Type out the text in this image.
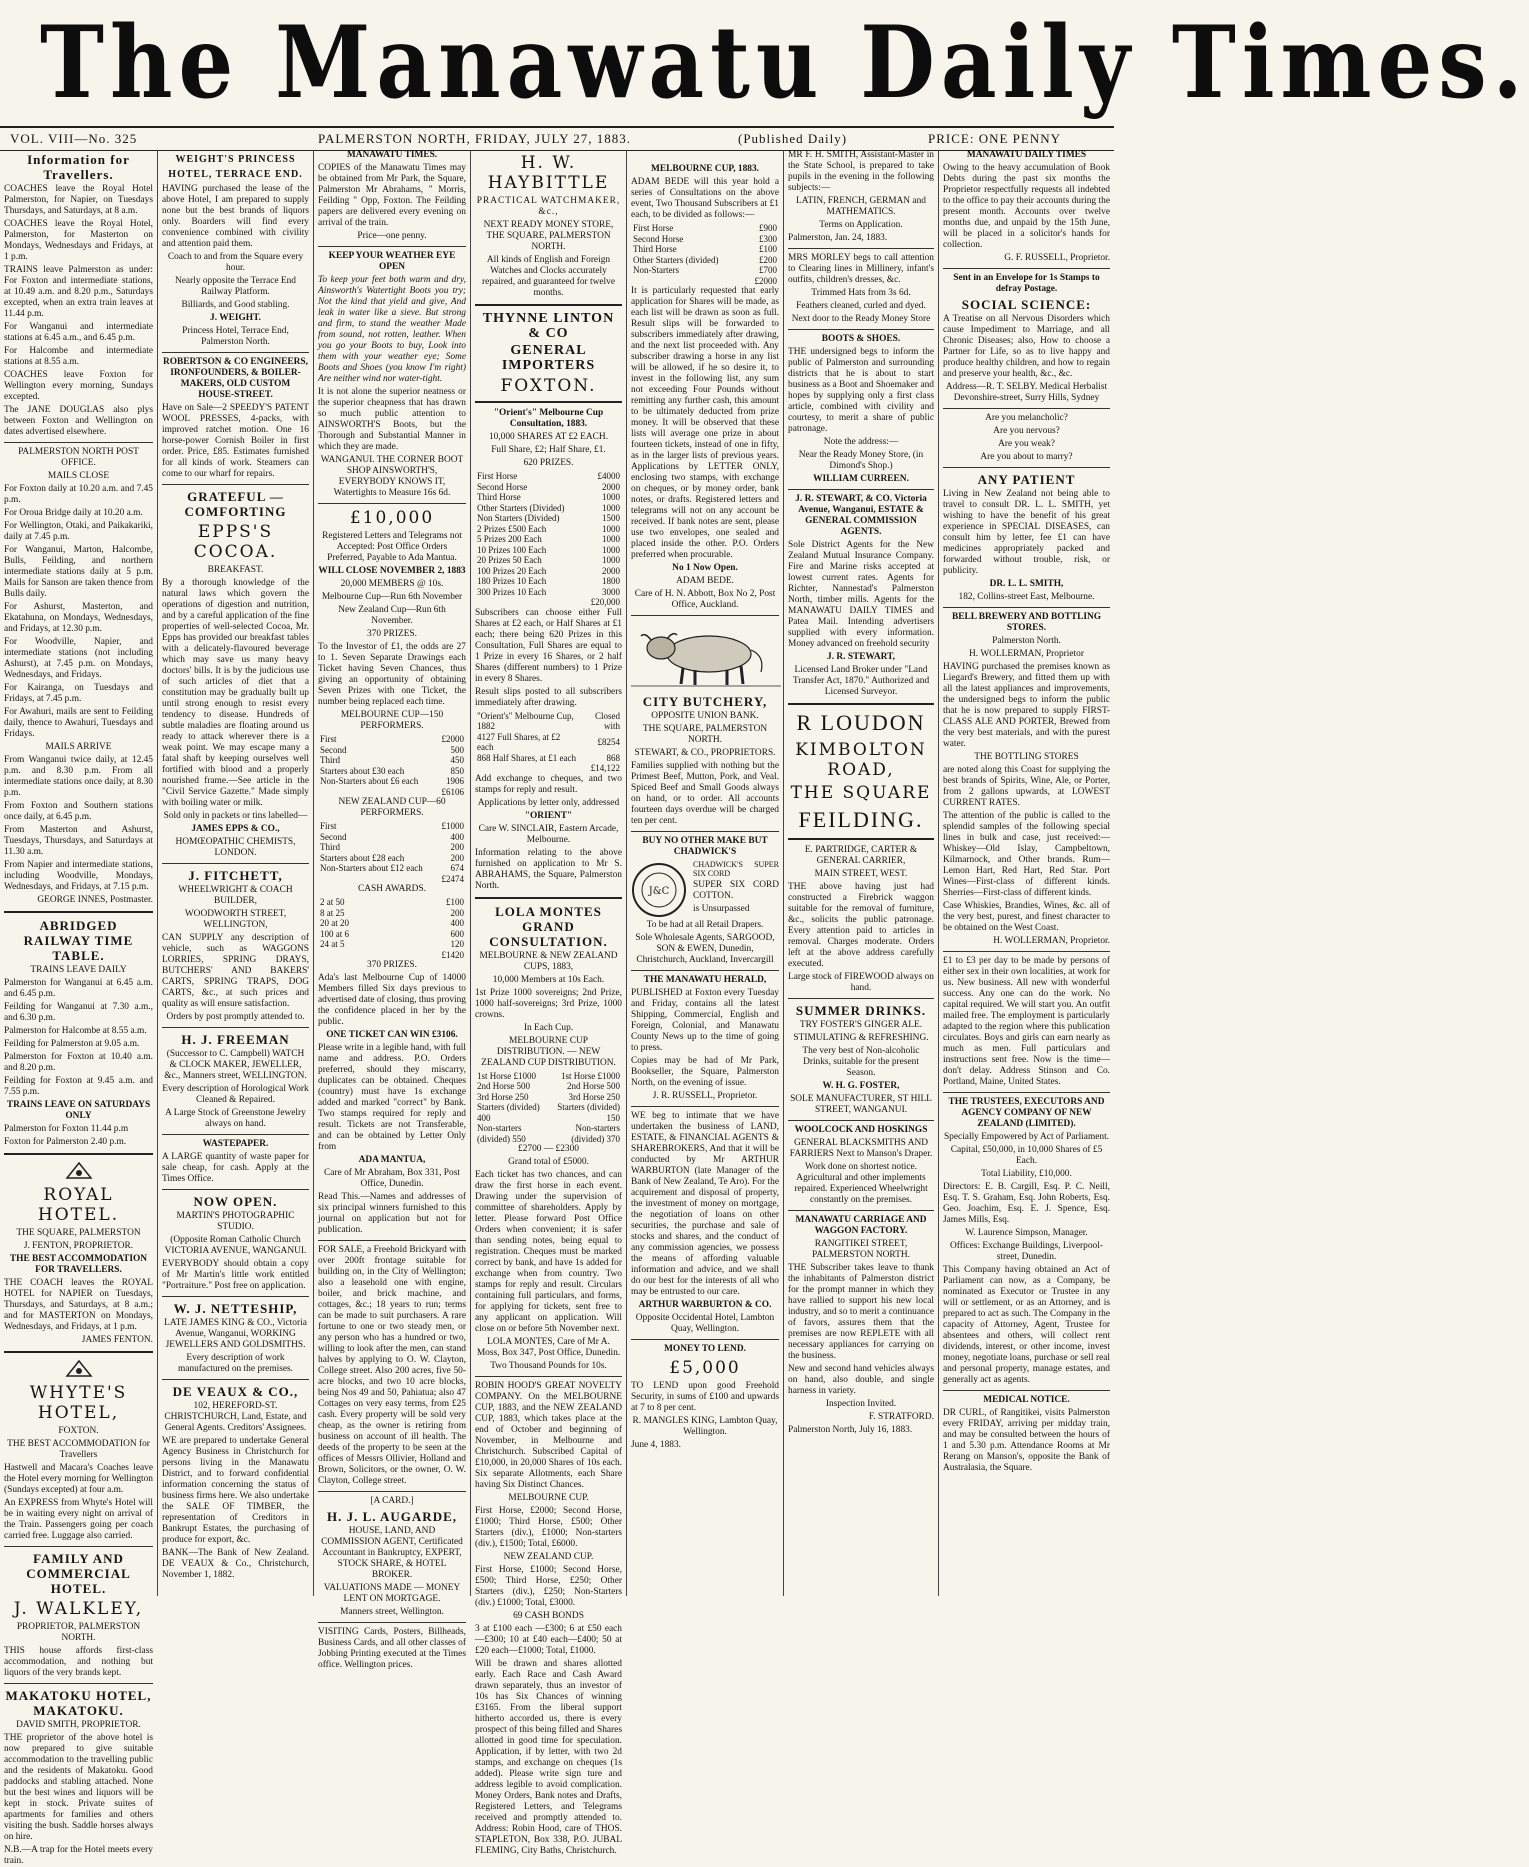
The Manawatu Daily Times.
VOL. VIII—No. 325	PALMERSTON NORTH, FRIDAY, JULY 27, 1883.	(Published Daily)	PRICE: ONE PENNY
Information for Travellers.

COACHES leave the Royal Hotel Palmerston, for Napier, on Tuesdays Thursdays, and Saturdays, at 8 a.m.

COACHES leave the Royal Hotel, Palmerston, for Masterton on Mondays, Wednesdays and Fridays, at 1 p.m.

TRAINS leave Palmerston as under: For Foxton and intermediate stations, at 10.49 a.m. and 8.20 p.m., Saturdays excepted, when an extra train leaves at 11.44 p.m.

For Wanganui and intermediate stations at 6.45 a.m., and 6.45 p.m.

For Halcombe and intermediate stations at 8.55 a.m.

COACHES leave Foxton for Wellington every morning, Sundays excepted.

The JANE DOUGLAS also plys between Foxton and Wellington on dates advertised elsewhere.

PALMERSTON NORTH POST OFFICE.

MAILS CLOSE

For Foxton daily at 10.20 a.m. and 7.45 p.m.

For Oroua Bridge daily at 10.20 a.m.

For Wellington, Otaki, and Paikakariki, daily at 7.45 p.m.

For Wanganui, Marton, Halcombe, Bulls, Feilding, and northern intermediate stations daily at 5 p.m. Mails for Sanson are taken thence from Bulls daily.

For Ashurst, Masterton, and Ekatahuna, on Mondays, Wednesdays, and Fridays, at 12.30 p.m.

For Woodville, Napier, and intermediate stations (not including Ashurst), at 7.45 p.m. on Mondays, Wednesdays, and Fridays.

For Kairanga, on Tuesdays and Fridays, at 7.45 p.m.

For Awahuri, mails are sent to Feilding daily, thence to Awahuri, Tuesdays and Fridays.

MAILS ARRIVE

From Wanganui twice daily, at 12.45 p.m. and 8.30 p.m. From all intermediate stations once daily, at 8.30 p.m.

From Foxton and Southern stations once daily, at 6.45 p.m.

From Masterton and Ashurst, Tuesdays, Thursdays, and Saturdays at 11.30 a.m.

From Napier and intermediate stations, including Woodville, Mondays, Wednesdays, and Fridays, at 7.15 p.m.

GEORGE INNES, Postmaster.

ABRIDGED RAILWAY TIME TABLE.

TRAINS LEAVE DAILY

Palmerston for Wanganui at 6.45 a.m. and 6.45 p.m.

Feilding for Wanganui at 7.30 a.m., and 6.30 p.m.

Palmerston for Halcombe at 8.55 a.m.

Feilding for Palmerston at 9.05 a.m.

Palmerston for Foxton at 10.40 a.m. and 8.20 p.m.

Feilding for Foxton at 9.45 a.m. and 7.55 p.m.

TRAINS LEAVE ON SATURDAYS ONLY

Palmerston for Foxton 11.44 p.m

Foxton for Palmerston 2.40 p.m.

ROYAL HOTEL.

THE SQUARE, PALMERSTON

J. FENTON, PROPRIETOR.

THE BEST ACCOMMODATION FOR TRAVELLERS.

THE COACH leaves the ROYAL HOTEL for NAPIER on Tuesdays, Thursdays, and Saturdays, at 8 a.m.; and for MASTERTON on Mondays, Wednesdays, and Fridays, at 1 p.m.

JAMES FENTON.

WHYTE'S HOTEL,

FOXTON.

THE BEST ACCOMMODATION for Travellers

Hastwell and Macara's Coaches leave the Hotel every morning for Wellington (Sundays excepted) at four a.m.

An EXPRESS from Whyte's Hotel will be in waiting every night on arrival of the Train. Passengers going per coach carried free. Luggage also carried.

FAMILY AND COMMERCIAL HOTEL.
J. WALKLEY,

PROPRIETOR, PALMERSTON NORTH.

THIS house affords first-class accommodation, and nothing but liquors of the very brands kept.

MAKATOKU HOTEL, MAKATOKU.

DAVID SMITH, PROPRIETOR.

THE proprietor of the above hotel is now prepared to give suitable accommodation to the travelling public and the residents of Makatoku. Good paddocks and stabling attached. None but the best wines and liquors will be kept in stock. Private suites of apartments for families and others visiting the bush. Saddle horses always on hire.

N.B.—A trap for the Hotel meets every train.

WEIGHT'S PRINCESS HOTEL, TERRACE END.

HAVING purchased the lease of the above Hotel, I am prepared to supply none but the best brands of liquors only. Boarders will find every convenience combined with civility and attention paid them.

Coach to and from the Square every hour.

Nearly opposite the Terrace End Railway Platform.

Billiards, and Good stabling.

J. WEIGHT.

Princess Hotel, Terrace End, Palmerston North.

ROBERTSON & CO ENGINEERS, IRONFOUNDERS, & BOILER-MAKERS, OLD CUSTOM HOUSE-STREET.

Have on Sale—2 SPEEDY'S PATENT WOOL PRESSES, 4-packs, with improved ratchet motion. One 16 horse-power Cornish Boiler in first order. Price, £85. Estimates furnished for all kinds of work. Steamers can come to our wharf for repairs.

GRATEFUL — COMFORTING
EPPS'S COCOA.

BREAKFAST.

By a thorough knowledge of the natural laws which govern the operations of digestion and nutrition, and by a careful application of the fine properties of well-selected Cocoa, Mr. Epps has provided our breakfast tables with a delicately-flavoured beverage which may save us many heavy doctors' bills. It is by the judicious use of such articles of diet that a constitution may be gradually built up until strong enough to resist every tendency to disease. Hundreds of subtle maladies are floating around us ready to attack wherever there is a weak point. We may escape many a fatal shaft by keeping ourselves well fortified with blood and a properly nourished frame.—See article in the "Civil Service Gazette." Made simply with boiling water or milk.

Sold only in packets or tins labelled—

JAMES EPPS & CO.,

HOMŒOPATHIC CHEMISTS, LONDON.

J. FITCHETT,

WHEELWRIGHT & COACH BUILDER,

WOODWORTH STREET, WELLINGTON,

CAN SUPPLY any description of vehicle, such as WAGGONS LORRIES, SPRING DRAYS, BUTCHERS' AND BAKERS' CARTS, SPRING TRAPS, DOG CARTS, &c., at such prices and quality as will ensure satisfaction.

Orders by post promptly attended to.

H. J. FREEMAN

(Successor to C. Campbell) WATCH & CLOCK MAKER, JEWELLER, &c., Manners street, WELLINGTON.

Every description of Horological Work Cleaned & Repaired.

A Large Stock of Greenstone Jewelry always on hand.

WASTEPAPER.

A LARGE quantity of waste paper for sale cheap, for cash. Apply at the Times Office.

NOW OPEN.

MARTIN'S PHOTOGRAPHIC STUDIO.

(Opposite Roman Catholic Church VICTORIA AVENUE, WANGANUI.

EVERYBODY should obtain a copy of Mr Martin's little work entitled "Portraiture." Post free on application.

W. J. NETTESHIP,

LATE JAMES KING & CO., Victoria Avenue, Wanganui, WORKING JEWELLERS AND GOLDSMITHS.

Every description of work manufactured on the premises.

DE VEAUX & CO.,

102, HEREFORD-ST. CHRISTCHURCH, Land, Estate, and General Agents. Creditors' Assignees.

WE are prepared to undertake General Agency Business in Christchurch for persons living in the Manawatu District, and to forward confidential information concerning the status of business firms here. We also undertake the SALE OF TIMBER, the representation of Creditors in Bankrupt Estates, the purchasing of produce for export, &c.

BANK—The Bank of New Zealand. DE VEAUX & Co., Christchurch, November 1, 1882.

MANAWATU TIMES.

COPIES of the Manawatu Times may be obtained from Mr Park, the Square, Palmerston Mr Abrahams, " Morris, Feilding " Opp, Foxton. The Feilding papers are delivered every evening on arrival of the train.

Price—one penny.

KEEP YOUR WEATHER EYE OPEN

To keep your feet both warm and dry, Ainsworth's Watertight Boots you try; Not the kind that yield and give, And leak in water like a sieve. But strong and firm, to stand the weather Made from sound, not rotten, leather. When you go your Boots to buy, Look into them with your weather eye; Some Boots and Shoes (you know I'm right) Are neither wind nor water-tight.

It is not alone the superior neatness or the superior cheapness that has drawn so much public attention to AINSWORTH'S Boots, but the Thorough and Substantial Manner in which they are made.

WANGANUI. THE CORNER BOOT SHOP AINSWORTH'S, EVERYBODY KNOWS IT, Watertights to Measure 16s 6d.

£10,000

Registered Letters and Telegrams not Accepted: Post Office Orders Preferred, Payable to Ada Mantua.

WILL CLOSE NOVEMBER 2, 1883

20,000 MEMBERS @ 10s.

Melbourne Cup—Run 6th November

New Zealand Cup—Run 6th November.

370 PRIZES.

To the Investor of £1, the odds are 27 to 1. Seven Separate Drawings each Ticket having Seven Chances, thus giving an opportunity of obtaining Seven Prizes with one Ticket, the number being replaced each time.

MELBOURNE CUP—150 PERFORMERS.

First	£2000
Second	500
Third	450
Starters about £30 each	850
Non-Starters about £6 each	1906
	£6106

NEW ZEALAND CUP—60 PERFORMERS.

First	£1000
Second	400
Third	200
Starters about £28 each	200
Non-Starters about £12 each	674
	£2474

CASH AWARDS.

2 at 50	£100
8 at 25	200
20 at 20	400
100 at 6	600
24 at 5	120
	£1420

370 PRIZES.

Ada's last Melbourne Cup of 14000 Members filled Six days previous to advertised date of closing, thus proving the confidence placed in her by the public.

ONE TICKET CAN WIN £3106.

Please write in a legible hand, with full name and address. P.O. Orders preferred, should they miscarry, duplicates can be obtained. Cheques (country) must have 1s exchange added and marked "correct" by Bank. Two stamps required for reply and result. Tickets are not Transferable, and can be obtained by Letter Only from

ADA MANTUA,

Care of Mr Abraham, Box 331, Post Office, Dunedin.

Read This.—Names and addresses of six principal winners furnished to this journal on application but not for publication.

FOR SALE, a Freehold Brickyard with over 200ft frontage suitable for building on, in the City of Wellington; also a leasehold one with engine, boiler, and brick machine, and cottages, &c.; 18 years to run; terms can be made to suit purchasers. A rare fortune to one or two steady men, or any person who has a hundred or two, willing to look after the men, can stand halves by applying to O. W. Clayton, College street. Also 200 acres, five 50-acre blocks, and two 10 acre blocks, being Nos 49 and 50, Pahiatua; also 47 Cottages on very easy terms, from £25 cash. Every property will be sold very cheap, as the owner is retiring from business on account of ill health. The deeds of the property to be seen at the offices of Messrs Ollivier, Holland and Brown, Solicitors, or the owner, O. W. Clayton, College street.

[A CARD.]

H. J. L. AUGARDE,

HOUSE, LAND, AND COMMISSION AGENT, Certificated Accountant in Bankruptcy, EXPERT, STOCK SHARE, & HOTEL BROKER.

VALUATIONS MADE — MONEY LENT ON MORTGAGE.

Manners street, Wellington.

VISITING Cards, Posters, Billheads, Business Cards, and all other classes of Jobbing Printing executed at the Times office. Wellington prices.

H. W. HAYBITTLE

PRACTICAL WATCHMAKER, &c.,

NEXT READY MONEY STORE, THE SQUARE, PALMERSTON NORTH.

All kinds of English and Foreign Watches and Clocks accurately repaired, and guaranteed for twelve months.

THYNNE LINTON & CO
GENERAL IMPORTERS
FOXTON.

"Orient's" Melbourne Cup Consultation, 1883.

10,000 SHARES AT £2 EACH.

Full Share, £2; Half Share, £1.

620 PRIZES.

First Horse	£4000
Second Horse	2000
Third Horse	1000
Other Starters (Divided)	1000
Non Starters (Divided)	1500
2 Prizes £500 Each	1000
5 Prizes 200 Each	1000
10 Prizes 100 Each	1000
20 Prizes 50 Each	1000
100 Prizes 20 Each	2000
180 Prizes 10 Each	1800
300 Prizes 10 Each	3000
	£20,000

Subscribers can choose either Full Shares at £2 each, or Half Shares at £1 each; there being 620 Prizes in this Consultation, Full Shares are equal to 1 Prize in every 16 Shares, or 2 half Shares (different numbers) to 1 Prize in every 8 Shares.

Result slips posted to all subscribers immediately after drawing.

"Orient's" Melbourne Cup, 1882	Closed with
4127 Full Shares, at £2 each	£8254
868 Half Shares, at £1 each	868
	£14,122

Add exchange to cheques, and two stamps for reply and result.

Applications by letter only, addressed

"ORIENT"

Care W. SINCLAIR, Eastern Arcade, Melbourne.

Information relating to the above furnished on application to Mr S. ABRAHAMS, the Square, Palmerston North.

LOLA MONTES GRAND CONSULTATION.

MELBOURNE & NEW ZEALAND CUPS, 1883,

10,000 Members at 10s Each.

1st Prize 1000 sovereigns; 2nd Prize, 1000 half-sovereigns; 3rd Prize, 1000 crowns.

In Each Cup.

MELBOURNE CUP DISTRIBUTION. — NEW ZEALAND CUP DISTRIBUTION.

1st Horse £1000	1st Horse £1000
2nd Horse 500	2nd Horse 500
3rd Horse 250	3rd Horse 250
Starters (divided) 400	Starters (divided) 150
Non-starters (divided) 550	Non-starters (divided) 370

£2700 — £2300

Grand total of £5000.

Each ticket has two chances, and can draw the first horse in each event. Drawing under the supervision of committee of shareholders. Apply by letter. Please forward Post Office Orders when convenient; it is safer than sending notes, being equal to registration. Cheques must be marked correct by bank, and have 1s added for exchange when from country. Two stamps for reply and result. Circulars containing full particulars, and forms, for applying for tickets, sent free to any applicant on application. Will close on or before 5th November next.

LOLA MONTES, Care of Mr A. Moss, Box 347, Post Office, Dunedin.

Two Thousand Pounds for 10s.

ROBIN HOOD'S GREAT NOVELTY COMPANY. On the MELBOURNE CUP, 1883, and the NEW ZEALAND CUP, 1883, which takes place at the end of October and beginning of November, in Melbourne and Christchurch. Subscribed Capital of £10,000, in 20,000 Shares of 10s each. Six separate Allotments, each Share having Six Distinct Chances.

MELBOURNE CUP.

First Horse, £2000; Second Horse, £1000; Third Horse, £500; Other Starters (div.), £1000; Non-starters (div.), £1500; Total, £6000.

NEW ZEALAND CUP.

First Horse, £1000; Second Horse, £500; Third Horse, £250; Other Starters (div.), £250; Non-Starters (div.) £1000; Total, £3000.

69 CASH BONDS

3 at £100 each —£300; 6 at £50 each —£300; 10 at £40 each—£400; 50 at £20 each—£1000; Total, £1000.

Will be drawn and shares allotted early. Each Race and Cash Award drawn separately, thus an investor of 10s has Six Chances of winning £3165. From the liberal support hitherto accorded us, there is every prospect of this being filled and Shares allotted in good time for speculation. Application, if by letter, with two 2d stamps, and exchange on cheques (1s added). Please write sign ture and address legible to avoid complication. Money Orders, Bank notes and Drafts, Registered Letters, and Telegrams received and promptly attended to. Address: Robin Hood, care of THOS. STAPLETON, Box 338, P.O. JUBAL FLEMING, City Baths, Christchurch.

MELBOURNE CUP, 1883.

ADAM BEDE will this year hold a series of Consultations on the above event, Two Thousand Subscribers at £1 each, to be divided as follows:—

First Horse	£900
Second Horse	£300
Third Horse	£100
Other Starters (divided)	£200
Non-Starters	£700
	£2000

It is particularly requested that early application for Shares will be made, as each list will be drawn as soon as full. Result slips will be forwarded to subscribers immediately after drawing, and the next list proceeded with. Any subscriber drawing a horse in any list will be allowed, if he so desire it, to invest in the following list, any sum not exceeding Four Pounds without remitting any further cash, this amount to be ultimately deducted from prize money. It will be observed that these lists will average one prize in about fourteen tickets, instead of one in fifty, as in the larger lists of previous years. Applications by LETTER ONLY, enclosing two stamps, with exchange on cheques, or by money order, bank notes, or drafts. Registered letters and telegrams will not on any account be received. If bank notes are sent, please use two envelopes, one sealed and placed inside the other. P.O. Orders preferred when procurable.

No 1 Now Open.

ADAM BEDE.

Care of H. N. Abbott, Box No 2, Post Office, Auckland.

CITY BUTCHERY,

OPPOSITE UNION BANK.

THE SQUARE, PALMERSTON NORTH.

STEWART, & CO., PROPRIETORS.

Families supplied with nothing but the Primest Beef, Mutton, Pork, and Veal. Spiced Beef and Small Goods always on hand, or to order. All accounts fourteen days overdue will be charged ten per cent.

BUY NO OTHER MAKE BUT CHADWICK'S

J&C

CHADWICK'S SUPER SIX CORD

SUPER SIX CORD COTTON.

is Unsurpassed

To be had at all Retail Drapers.

Sole Wholesale Agents, SARGOOD, SON & EWEN, Dunedin, Christchurch, Auckland, Invercargill

THE MANAWATU HERALD,

PUBLISHED at Foxton every Tuesday and Friday, contains all the latest Shipping, Commercial, English and Foreign, Colonial, and Manawatu County News up to the time of going to press.

Copies may be had of Mr Park, Bookseller, the Square, Palmerston North, on the evening of issue.

J. R. RUSSELL, Proprietor.

WE beg to intimate that we have undertaken the business of LAND, ESTATE, & FINANCIAL AGENTS & SHAREBROKERS, And that it will be conducted by Mr ARTHUR WARBURTON (late Manager of the Bank of New Zealand, Te Aro). For the acquirement and disposal of property, the investment of money on mortgage, the negotiation of loans on other securities, the purchase and sale of stocks and shares, and the conduct of any commission agencies, we possess the means of affording valuable information and advice, and we shall do our best for the interests of all who may be entrusted to our care.

ARTHUR WARBURTON & CO.

Opposite Occidental Hotel, Lambton Quay, Wellington.

MONEY TO LEND.

£5,000

TO LEND upon good Freehold Security, in sums of £100 and upwards at 7 to 8 per cent.

R. MANGLES KING, Lambton Quay, Wellington.

June 4, 1883.

MR F. H. SMITH, Assistant-Master in the State School, is prepared to take pupils in the evening in the following subjects:—

LATIN, FRENCH, GERMAN and MATHEMATICS.

Terms on Application.

Palmerston, Jan. 24, 1883.

MRS MORLEY begs to call attention to Clearing lines in Millinery, infant's outfits, children's dresses, &c.

Trimmed Hats from 3s 6d.

Feathers cleaned, curled and dyed.

Next door to the Ready Money Store

BOOTS & SHOES.

THE undersigned begs to inform the public of Palmerston and surrounding districts that he is about to start business as a Boot and Shoemaker and hopes by supplying only a first class article, combined with civility and courtesy, to merit a share of public patronage.

Note the address:—

Near the Ready Money Store, (in Dimond's Shop.)

WILLIAM CURREEN.

J. R. STEWART, & CO. Victoria Avenue, Wanganui, ESTATE & GENERAL COMMISSION AGENTS.

Sole District Agents for the New Zealand Mutual Insurance Company. Fire and Marine risks accepted at lowest current rates. Agents for Richter, Nannestad's Palmerston North, timber mills. Agents for the MANAWATU DAILY TIMES and Patea Mail. Intending advertisers supplied with every information. Money advanced on freehold security

J. R. STEWART,

Licensed Land Broker under "Land Transfer Act, 1870." Authorized and Licensed Surveyor.

R LOUDON
KIMBOLTON ROAD,
THE SQUARE
FEILDING.

E. PARTRIDGE, CARTER & GENERAL CARRIER,

MAIN STREET, WEST.

THE above having just had constructed a Firebrick waggon suitable for the removal of furniture, &c., solicits the public patronage. Every attention paid to articles in removal. Charges moderate. Orders left at the above address carefully executed.

Large stock of FIREWOOD always on hand.

SUMMER DRINKS.

TRY FOSTER'S GINGER ALE.

STIMULATING & REFRESHING.

The very best of Non-alcoholic Drinks, suitable for the present Season.

W. H. G. FOSTER,

SOLE MANUFACTURER, ST HILL STREET, WANGANUI.

WOOLCOCK AND HOSKINGS

GENERAL BLACKSMITHS AND FARRIERS Next to Manson's Draper.

Work done on shortest notice. Agricultural and other implements repaired. Experienced Wheelwright constantly on the premises.

MANAWATU CARRIAGE AND WAGGON FACTORY.

RANGITIKEI STREET, PALMERSTON NORTH.

THE Subscriber takes leave to thank the inhabitants of Palmerston district for the prompt manner in which they have rallied to support his new local industry, and so to merit a continuance of favors, assures them that the premises are now REPLETE with all necessary appliances for carrying on the business.

New and second hand vehicles always on hand, also double, and single harness in variety.

Inspection Invited.

F. STRATFORD.

Palmerston North, July 16, 1883.

MANAWATU DAILY TIMES

Owing to the heavy accumulation of Book Debts during the past six months the Proprietor respectfully requests all indebted to the office to pay their accounts during the present month. Accounts over twelve months due, and unpaid by the 15th June, will be placed in a solicitor's hands for collection.

G. F. RUSSELL, Proprietor.

Sent in an Envelope for 1s Stamps to defray Postage.

SOCIAL SCIENCE:

A Treatise on all Nervous Disorders which cause Impediment to Marriage, and all Chronic Diseases; also, How to choose a Partner for Life, so as to live happy and produce healthy children, and how to regain and preserve your health, &c., &c.

Address—R. T. SELBY. Medical Herbalist Devonshire-street, Surry Hills, Sydney

Are you melancholic?

Are you nervous?

Are you weak?

Are you about to marry?

ANY PATIENT

Living in New Zealand not being able to travel to consult DR. L. L. SMITH, yet wishing to have the benefit of his great experience in SPECIAL DISEASES, can consult him by letter, fee £1 can have medicines appropriately packed and forwarded without trouble, risk, or publicity.

DR. L. L. SMITH,

182, Collins-street East, Melbourne.

BELL BREWERY AND BOTTLING STORES.

Palmerston North.

H. WOLLERMAN, Proprietor

HAVING purchased the premises known as Liegard's Brewery, and fitted them up with all the latest appliances and improvements, the undersigned begs to inform the public that he is now prepared to supply FIRST-CLASS ALE AND PORTER, Brewed from the very best materials, and with the purest water.

THE BOTTLING STORES

are noted along this Coast for supplying the best brands of Spirits, Wine, Ale, or Porter, from 2 gallons upwards, at LOWEST CURRENT RATES.

The attention of the public is called to the splendid samples of the following special lines in bulk and case, just received:— Whiskey—Old Islay, Campbeltown, Kilmarnock, and Other brands. Rum—Lemon Hart, Red Hart, Red Star. Port Wines—First-class of different kinds. Sherries—First-class of different kinds.

Case Whiskies, Brandies, Wines, &c. all of the very best, purest, and finest character to be obtained on the West Coast.

H. WOLLERMAN, Proprietor.

£1 to £3 per day to be made by persons of either sex in their own localities, at work for us. New business. All new with wonderful success. Any one can do the work. No capital required. We will start you. An outfit mailed free. The employment is particularly adapted to the region where this publication circulates. Boys and girls can earn nearly as much as men. Full particulars and instructions sent free. Now is the time—don't delay. Address Stinson and Co. Portland, Maine, United States.

THE TRUSTEES, EXECUTORS AND AGENCY COMPANY OF NEW ZEALAND (LIMITED).

Specially Empowered by Act of Parliament.

Capital, £50,000, in 10,000 Shares of £5 Each.

Total Liability, £10,000.

Directors: E. B. Cargill, Esq. P. C. Neill, Esq. T. S. Graham, Esq. John Roberts, Esq. Geo. Joachim, Esq. E. J. Spence, Esq. James Mills, Esq.

W. Laurence Simpson, Manager.

Offices: Exchange Buildings, Liverpool-street, Dunedin.

This Company having obtained an Act of Parliament can now, as a Company, be nominated as Executor or Trustee in any will or settlement, or as an Attorney, and is prepared to act as such. The Company in the capacity of Attorney, Agent, Trustee for absentees and others, will collect rent dividends, interest, or other income, invest money, negotiate loans, purchase or sell real and personal property, manage estates, and generally act as agents.

MEDICAL NOTICE.

DR CURL, of Rangitikei, visits Palmerston every FRIDAY, arriving per midday train, and may be consulted between the hours of 1 and 5.30 p.m. Attendance Rooms at Mr Rerang on Manson's, opposite the Bank of Australasia, the Square.
